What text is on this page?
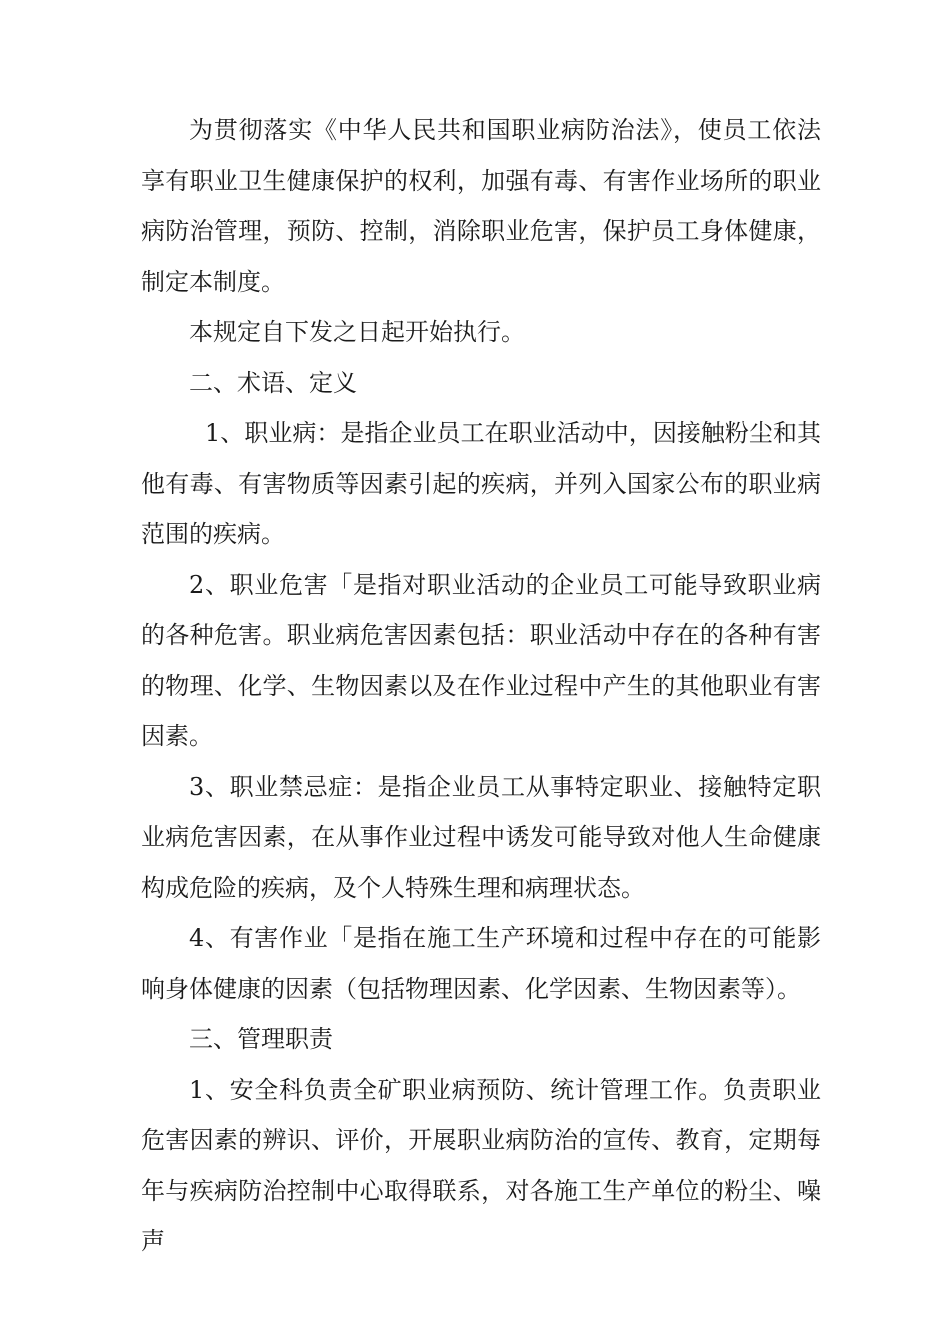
为贯彻落实《中华人民共和国职业病防治法》，使员工依法享有职业卫生健康保护的权利，加强有毒、有害作业场所的职业病防治管理，预防、控制，消除职业危害，保护员工身体健康，制定本制度。

本规定自下发之日起开始执行。

二、术语、定义

1、职业病：是指企业员工在职业活动中，因接触粉尘和其他有毒、有害物质等因素引起的疾病，并列入国家公布的职业病范围的疾病。

2、职业危害「是指对职业活动的企业员工可能导致职业病的各种危害。职业病危害因素包括：职业活动中存在的各种有害的物理、化学、生物因素以及在作业过程中产生的其他职业有害因素。

3、职业禁忌症：是指企业员工从事特定职业、接触特定职业病危害因素，在从事作业过程中诱发可能导致对他人生命健康构成危险的疾病，及个人特殊生理和病理状态。

4、有害作业「是指在施工生产环境和过程中存在的可能影响身体健康的因素（包括物理因素、化学因素、生物因素等）。

三、管理职责

1、安全科负责全矿职业病预防、统计管理工作。负责职业危害因素的辨识、评价，开展职业病防治的宣传、教育，定期每年与疾病防治控制中心取得联系，对各施工生产单位的粉尘、噪声
